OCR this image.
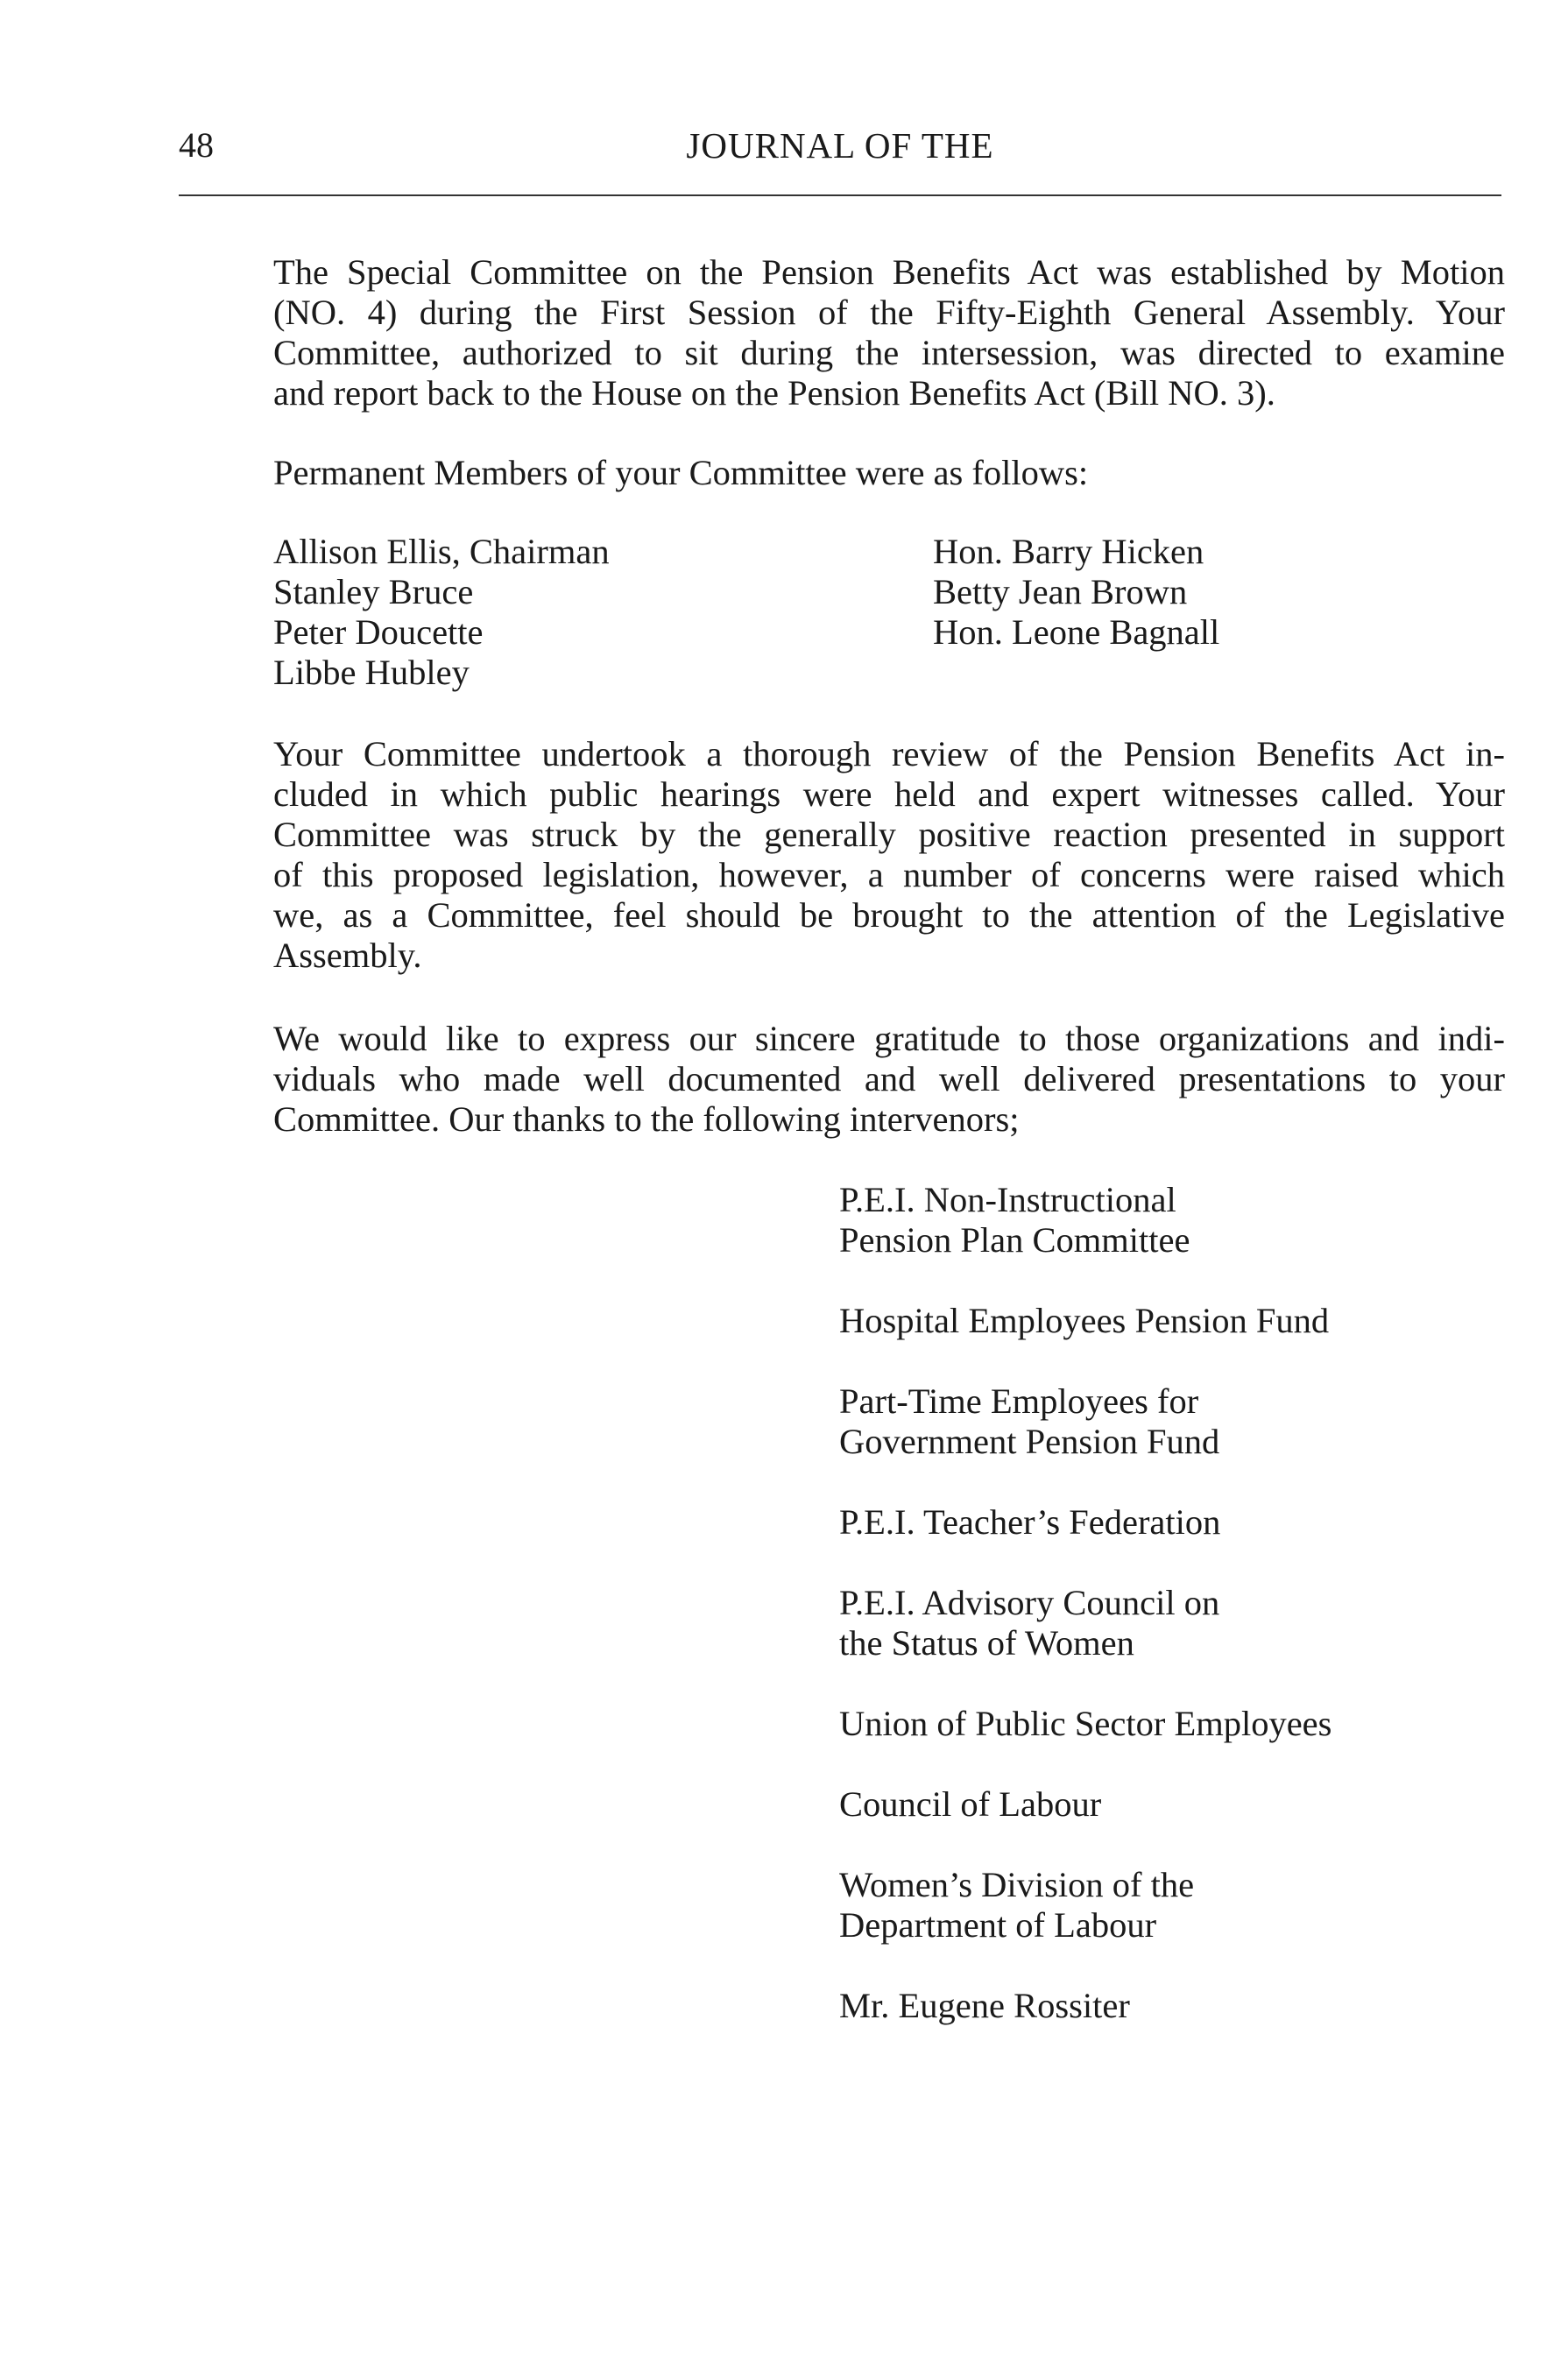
48	JOURNAL OF THE
The Special Committee on the Pension Benefits Act was established by Motion
(NO. 4) during the First Session of the Fifty-Eighth General Assembly. Your
Committee, authorized to sit during the intersession, was directed to examine
and report back to the House on the Pension Benefits Act (Bill NO. 3).
Permanent Members of your Committee were as follows:
Allison Ellis, Chairman
Stanley Bruce
Peter Doucette
Libbe Hubley
Hon. Barry Hicken
Betty Jean Brown
Hon. Leone Bagnall
Your Committee undertook a thorough review of the Pension Benefits Act in-
cluded in which public hearings were held and expert witnesses called. Your
Committee was struck by the generally positive reaction presented in support
of this proposed legislation, however, a number of concerns were raised which
we, as a Committee, feel should be brought to the attention of the Legislative
Assembly.
We would like to express our sincere gratitude to those organizations and indi-
viduals who made well documented and well delivered presentations to your
Committee. Our thanks to the following intervenors;
P.E.I. Non-Instructional
Pension Plan Committee
Hospital Employees Pension Fund
Part-Time Employees for
Government Pension Fund
P.E.I. Teacher’s Federation
P.E.I. Advisory Council on
the Status of Women
Union of Public Sector Employees
Council of Labour
Women’s Division of the
Department of Labour
Mr. Eugene Rossiter
